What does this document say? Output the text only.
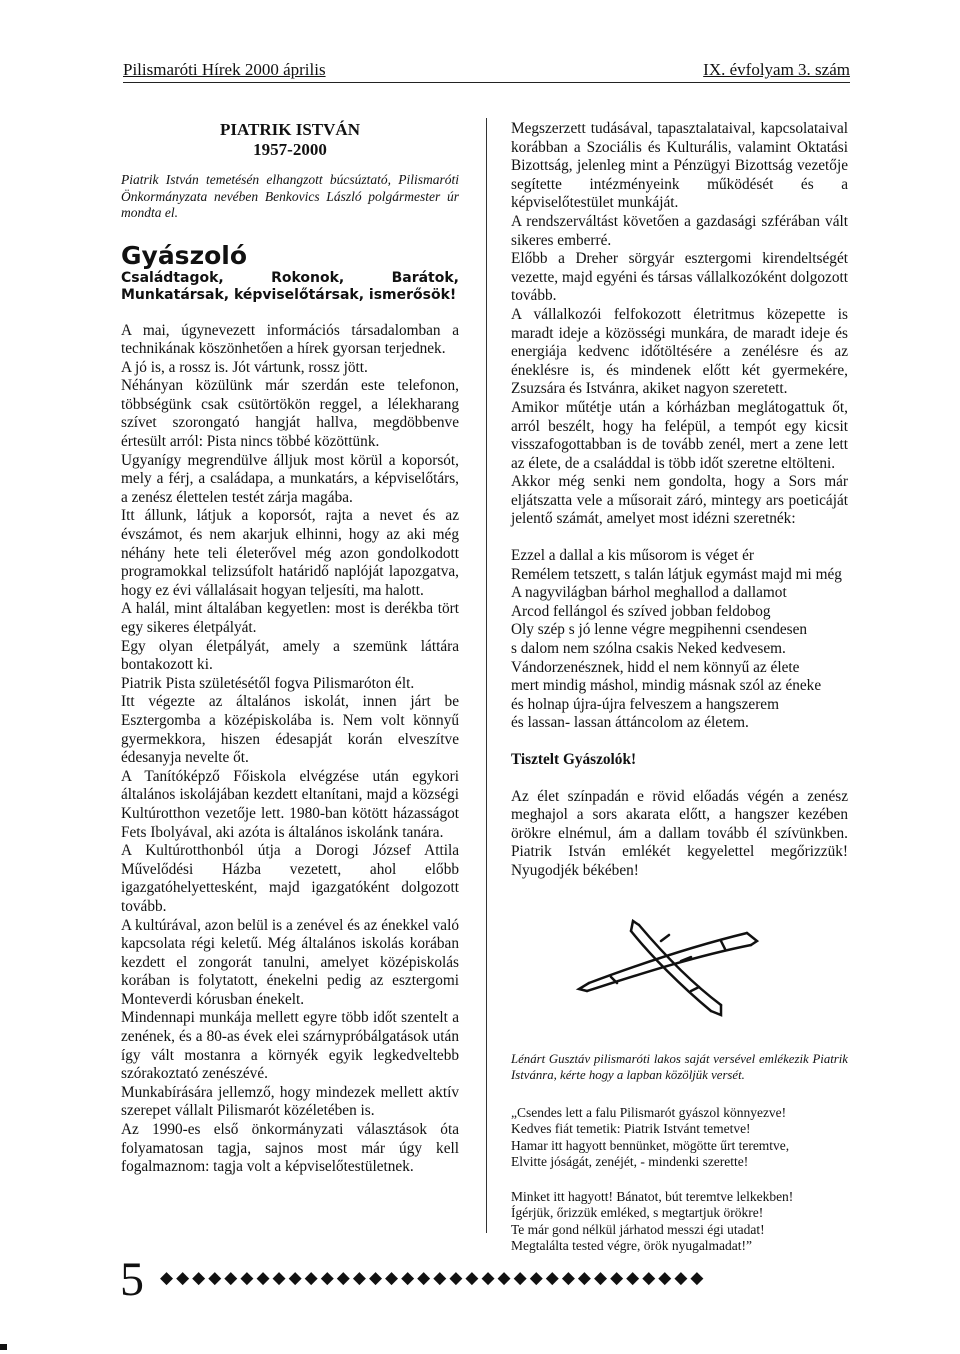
Pilismaróti Hírek 2000 április	IX. évfolyam 3. szám

PIATRIK ISTVÁN

1957-2000

Piatrik István temetésén elhangzott búcsúztató, Pilismaróti Önkormányzata nevében Benkovics László polgármester úr mondta el.

Gyászoló

Családtagok, Rokonok, Barátok, Munkatársak, képviselőtársak, ismerősök!

A mai, úgynevezett információs társadalomban a technikának köszönhetően a hírek gyorsan terjednek.

A jó is, a rossz is. Jót vártunk, rossz jött.

Néhányan közülünk már szerdán este telefonon, többségünk csak csütörtökön reggel, a lélekharang szívet szorongató hangját hallva, megdöbbenve értesült arról: Pista nincs többé közöttünk.

Ugyanígy megrendülve álljuk most körül a koporsót, mely a férj, a családapa, a munkatárs, a képviselőtárs, a zenész élettelen testét zárja magába.

Itt állunk, látjuk a koporsót, rajta a nevet és az évszámot, és nem akarjuk elhinni, hogy az aki még néhány hete teli életerővel még azon gondolkodott programokkal telizsúfolt határidő naplóját lapozgatva, hogy ez évi vállalásait hogyan teljesíti, ma halott.

A halál, mint általában kegyetlen: most is derékba tört egy sikeres életpályát.

Egy olyan életpályát, amely a szemünk láttára bontakozott ki.

Piatrik Pista születésétől fogva Pilismaróton élt.

Itt végezte az általános iskolát, innen járt be Esztergomba a középiskolába is. Nem volt könnyű gyermekkora, hiszen édesapját korán elveszítve édesanyja nevelte őt.

A Tanítóképző Főiskola elvégzése után egykori általános iskolájában kezdett eltanítani, majd a községi Kultúrotthon vezetője lett. 1980-ban kötött házasságot Fets Ibolyával, aki azóta is általános iskolánk tanára.

A Kultúrotthonból útja a Dorogi József Attila Művelődési Házba vezetett, ahol előbb igazgatóhelyettesként, majd igazgatóként dolgozott tovább.

A kultúrával, azon belül is a zenével és az énekkel való kapcsolata régi keletű. Még általános iskolás korában kezdett el zongorát tanulni, amelyet középiskolás korában is folytatott, énekelni pedig az esztergomi Monteverdi kórusban énekelt.

Mindennapi munkája mellett egyre több időt szentelt a zenének, és a 80-as évek elei szárnypróbálgatások után így vált mostanra a környék egyik legkedveltebb szórakoztató zenészévé.

Munkabírására jellemző, hogy mindezek mellett aktív szerepet vállalt Pilismarót közéletében is.

Az 1990-es első önkormányzati választások óta folyamatosan tagja, sajnos most már úgy kell fogalmaznom: tagja volt a képviselőtestületnek.

Megszerzett tudásával, tapasztalataival, kapcsolataival korábban a Szociális és Kulturális, valamint Oktatási Bizottság, jelenleg mint a Pénzügyi Bizottság vezetője segítette intézményeink működését és a képviselőtestület munkáját.

A rendszerváltást követően a gazdasági szférában vált sikeres emberré.

Előbb a Dreher sörgyár esztergomi kirendeltségét vezette, majd egyéni és társas vállalkozóként dolgozott tovább.

A vállalkozói felfokozott életritmus közepette is maradt ideje a közösségi munkára, de maradt ideje és energiája kedvenc időtöltésére a zenélésre és az éneklésre is, és mindenek előtt két gyermekére, Zsuzsára és Istvánra, akiket nagyon szeretett.

Amikor műtétje után a kórházban meglátogattuk őt, arról beszélt, hogy ha felépül, a tempót egy kicsit visszafogottabban is de tovább zenél, mert a zene lett az élete, de a családdal is több időt szeretne eltölteni.

Akkor még senki nem gondolta, hogy a Sors már eljátszatta vele a műsorait záró, mintegy ars poeticáját jelentő számát, amelyet most idézni szeretnék:

Ezzel a dallal a kis műsorom is véget ér

Remélem tetszett, s talán látjuk egymást majd mi még

A nagyvilágban bárhol meghallod a dallamot

Arcod fellángol és szíved jobban feldobog

Oly szép s jó lenne végre megpihenni csendesen

s dalom nem szólna csakis Neked kedvesem.

Vándorzenésznek, hidd el nem könnyű az élete

mert mindig máshol, mindig másnak szól az éneke

és holnap újra-újra felveszem a hangszerem

és lassan- lassan áttáncolom az életem.

Tisztelt Gyászolók!

Az élet színpadán e rövid előadás végén a zenész meghajol a sors akarata előtt, a hangszer kezében örökre elnémul, ám a dallam tovább él szívünkben. Piatrik István emlékét kegyelettel megőrizzük! Nyugodjék békében!

Lénárt Gusztáv pilismaróti lakos saját versével emlékezik Piatrik Istvánra, kérte hogy a lapban közöljük versét.

„Csendes lett a falu Pilismarót gyászol könnyezve!

Kedves fiát temetik: Piatrik Istvánt temetve!

Hamar itt hagyott bennünket, mögötte űrt teremtve,

Elvitte jóságát, zenéjét, - mindenki szerette!

Minket itt hagyott! Bánatot, bút teremtve lelkekben!

Ígérjük, őrizzük emléked, s megtartjuk örökre!

Te már gond nélkül járhatod messzi égi utadat!

Megtalálta tested végre, örök nyugalmadat!”

5 ◆◆◆◆◆◆◆◆◆◆◆◆◆◆◆◆◆◆◆◆◆◆◆◆◆◆◆◆◆◆◆◆◆◆
